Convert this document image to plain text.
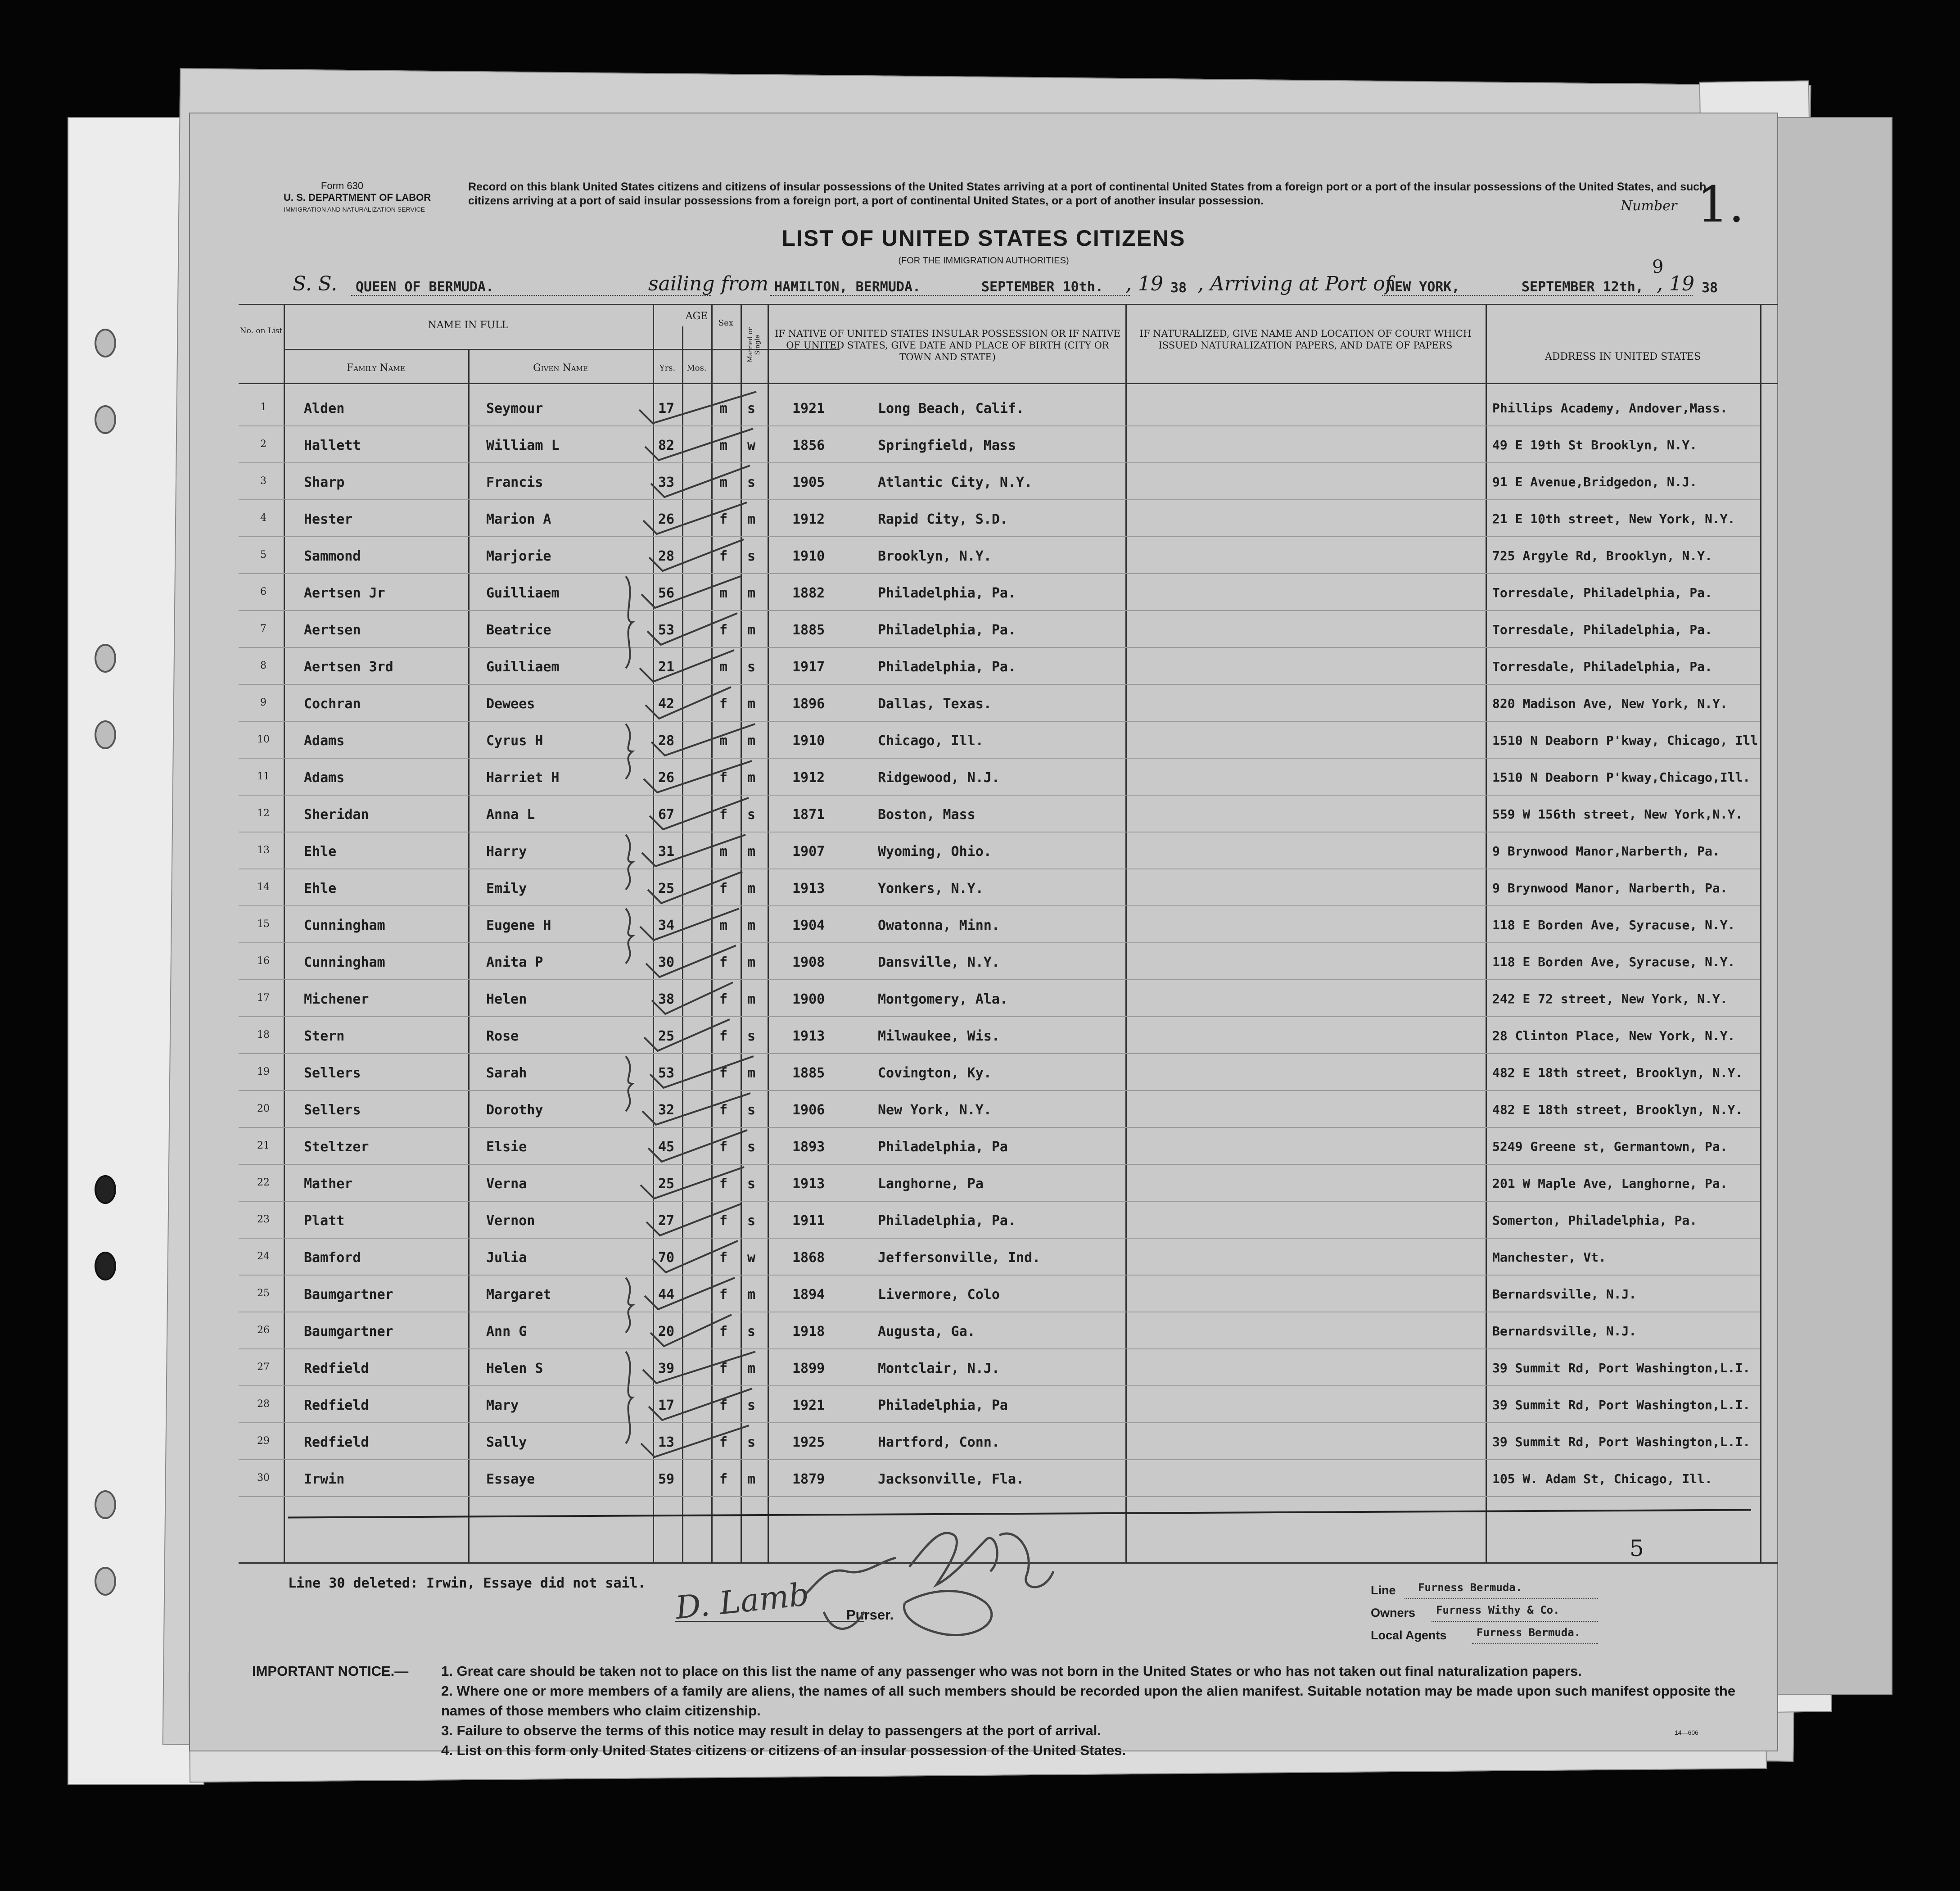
Form 630
U. S. DEPARTMENT OF LABOR
IMMIGRATION AND NATURALIZATION SERVICE
Record on this blank United States citizens and citizens of insular possessions of the United States arriving at a port of continental United States from a foreign port or a port of the insular possessions of the United States, and such citizens arriving at a port of said insular possessions from a foreign port, a port of continental United States, or a port of another insular possession.	Number 1.
LIST OF UNITED STATES CITIZENS
(FOR THE IMMIGRATION AUTHORITIES)
S. S. QUEEN OF BERMUDA.	sailing from HAMILTON, BERMUDA.	SEPTEMBER 10th. , 19 38 , Arriving at Port of
NEW YORK,	SEPTEMBER 12th,
9
, 19 38
No. on List	NAME IN FULL
Family Name	Given Name
AGE
Yrs.	Mos.
Sex
Married or Single
IF NATIVE OF UNITED STATES INSULAR POSSESSION OR IF NATIVE OF UNITED STATES, GIVE DATE AND PLACE OF BIRTH (CITY OR TOWN AND STATE)
IF NATURALIZED, GIVE NAME AND LOCATION OF COURT WHICH ISSUED NATURALIZATION PAPERS, AND DATE OF PAPERS
ADDRESS IN UNITED STATES
1	Alden	Seymour	17	m s	1921	Long Beach, Calif.	Phillips Academy, Andover,Mass.
2	Hallett	William L	82	m w	1856	Springfield, Mass	49 E 19th St Brooklyn, N.Y.
3	Sharp	Francis	33	m s	1905	Atlantic City, N.Y.	91 E Avenue,Bridgedon, N.J.
4	Hester	Marion A	26	f m	1912	Rapid City, S.D.	21 E 10th street, New York, N.Y.
5	Sammond	Marjorie	28	f s	1910	Brooklyn, N.Y.	725 Argyle Rd, Brooklyn, N.Y.
6	Aertsen Jr	Guilliaem	56	m m	1882	Philadelphia, Pa.	Torresdale, Philadelphia, Pa.
7	Aertsen	Beatrice	53	f m	1885	Philadelphia, Pa.	Torresdale, Philadelphia, Pa.
8	Aertsen 3rd	Guilliaem	21	m s	1917	Philadelphia, Pa.	Torresdale, Philadelphia, Pa.
9	Cochran	Dewees	42	f m	1896	Dallas, Texas.	820 Madison Ave, New York, N.Y.
10	Adams	Cyrus H	28	m m	1910	Chicago, Ill.	1510 N Deaborn P'kway, Chicago, Ill
11	Adams	Harriet H	26	f m	1912	Ridgewood, N.J.	1510 N Deaborn P'kway,Chicago,Ill.
12	Sheridan	Anna L	67	f s	1871	Boston, Mass	559 W 156th street, New York,N.Y.
13	Ehle	Harry	31	m m	1907	Wyoming, Ohio.	9 Brynwood Manor,Narberth, Pa.
14	Ehle	Emily	25	f m	1913	Yonkers, N.Y.	9 Brynwood Manor, Narberth, Pa.
15	Cunningham	Eugene H	34	m m	1904	Owatonna, Minn.	118 E Borden Ave, Syracuse, N.Y.
16	Cunningham	Anita P	30	f m	1908	Dansville, N.Y.	118 E Borden Ave, Syracuse, N.Y.
17	Michener	Helen	38	f m	1900	Montgomery, Ala.	242 E 72 street, New York, N.Y.
18	Stern	Rose	25	f s	1913	Milwaukee, Wis.	28 Clinton Place, New York, N.Y.
19	Sellers	Sarah	53	f m	1885	Covington, Ky.	482 E 18th street, Brooklyn, N.Y.
20	Sellers	Dorothy	32	f s	1906	New York, N.Y.	482 E 18th street, Brooklyn, N.Y.
21	Steltzer	Elsie	45	f s	1893	Philadelphia, Pa	5249 Greene st, Germantown, Pa.
22	Mather	Verna	25	f s	1913	Langhorne, Pa	201 W Maple Ave, Langhorne, Pa.
23	Platt	Vernon	27	f s	1911	Philadelphia, Pa.	Somerton, Philadelphia, Pa.
24	Bamford	Julia	70	f w	1868	Jeffersonville, Ind.	Manchester, Vt.
25	Baumgartner	Margaret	44	f m	1894	Livermore, Colo	Bernardsville, N.J.
26	Baumgartner	Ann G	20	f s	1918	Augusta, Ga.	Bernardsville, N.J.
27	Redfield	Helen S	39	f m	1899	Montclair, N.J.	39 Summit Rd, Port Washington,L.I.
28	Redfield	Mary	17	f s	1921	Philadelphia, Pa	39 Summit Rd, Port Washington,L.I.
29	Redfield	Sally	13	f s	1925	Hartford, Conn.	39 Summit Rd, Port Washington,L.I.
30	Irwin	Essaye	59	f m	1879	Jacksonville, Fla.	105 W. Adam St, Chicago, Ill.
Line 30 deleted: Irwin, Essaye did not sail. D. Lamb	Purser.
Line Furness Bermuda.
Owners Furness Withy & Co.
Local Agents	Furness Bermuda.
5
IMPORTANT NOTICE.— 1. Great care should be taken not to place on this list the name of any passenger who was not born in the United States or who has not taken out final naturalization papers.
2. Where one or more members of a family are aliens, the names of all such members should be recorded upon the alien manifest. Suitable notation may be made upon such manifest opposite the names of those members who claim citizenship.
3. Failure to observe the terms of this notice may result in delay to passengers at the port of arrival.
4. List on this form only United States citizens or citizens of an insular possession of the United States.
14—606
